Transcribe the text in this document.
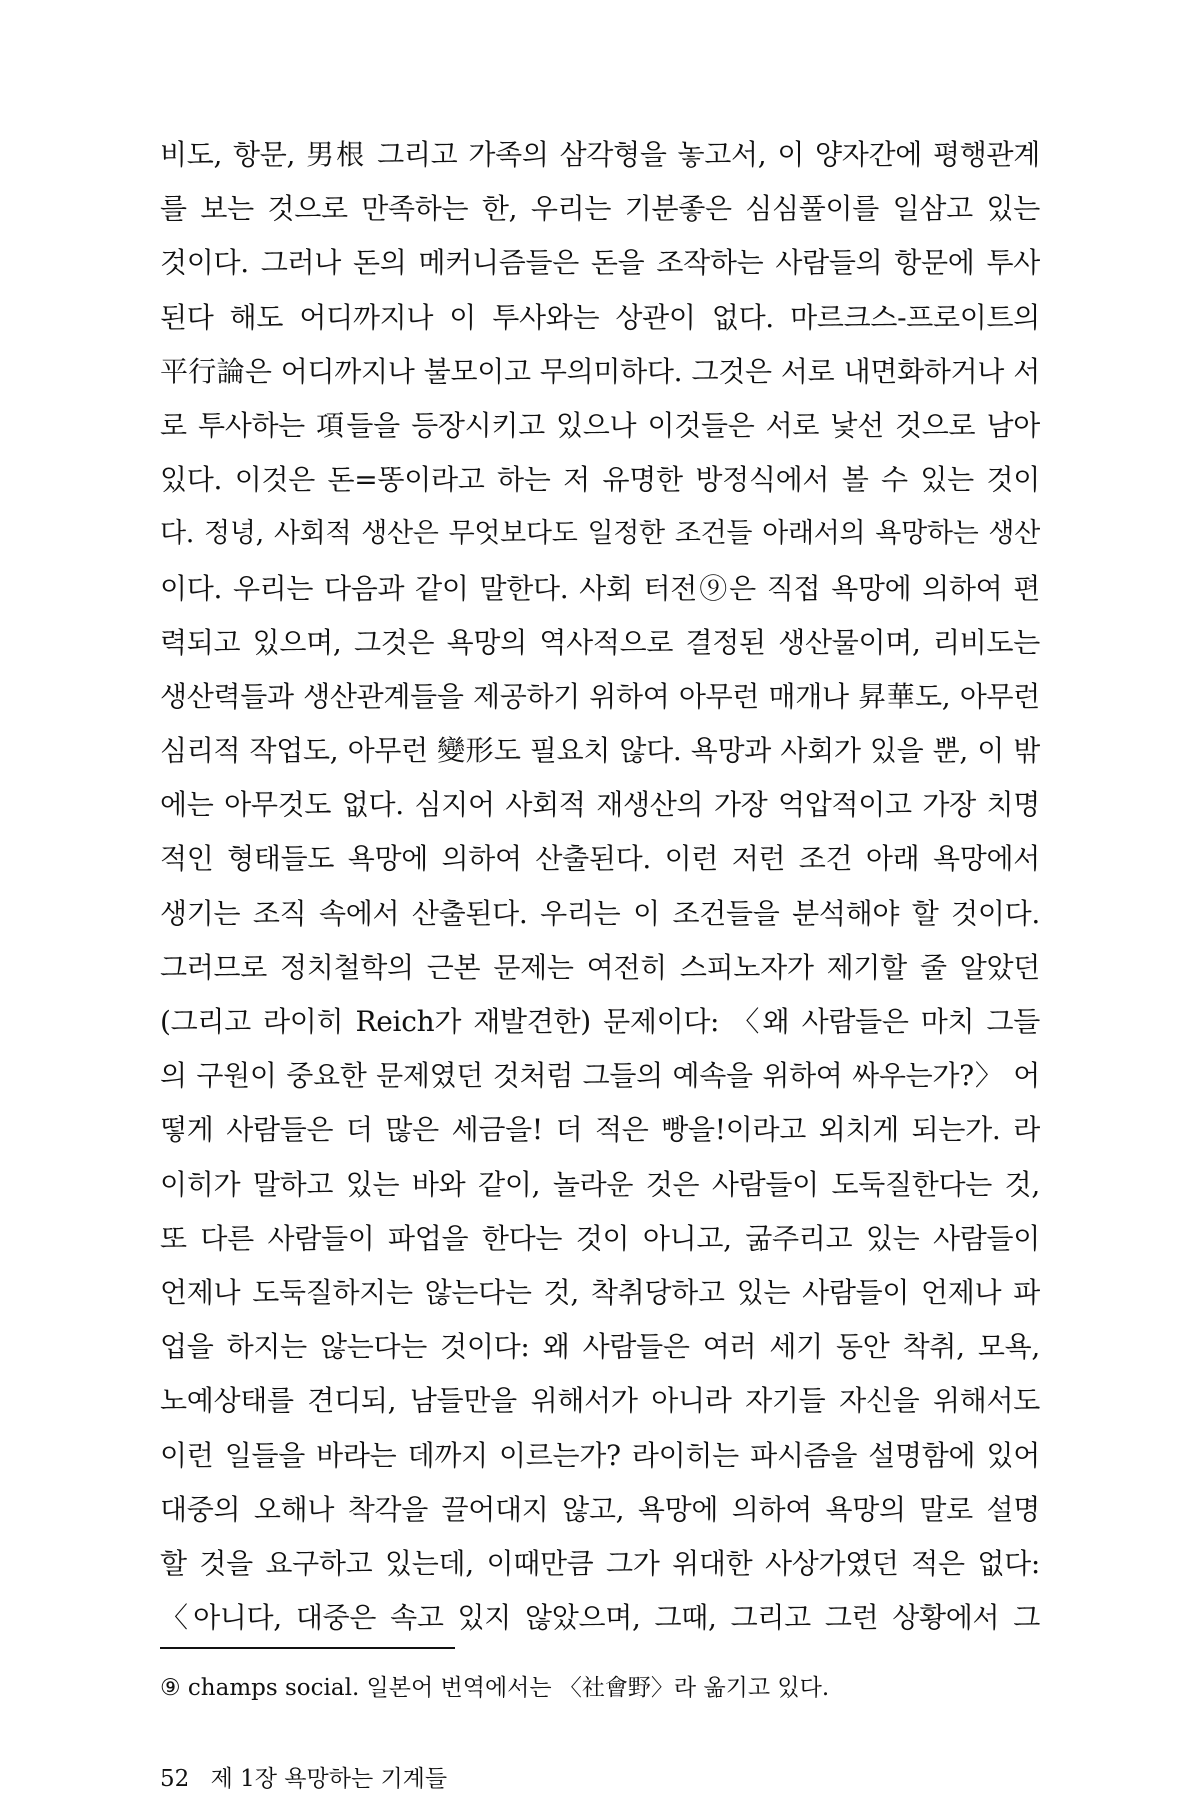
비도, 항문, 男根 그리고 가족의 삼각형을 놓고서, 이 양자간에 평행관계
를 보는 것으로 만족하는 한, 우리는 기분좋은 심심풀이를 일삼고 있는
것이다. 그러나 돈의 메커니즘들은 돈을 조작하는 사람들의 항문에 투사
된다 해도 어디까지나 이 투사와는 상관이 없다. 마르크스-프로이트의
平行論은 어디까지나 불모이고 무의미하다. 그것은 서로 내면화하거나 서
로 투사하는 項들을 등장시키고 있으나 이것들은 서로 낯선 것으로 남아
있다. 이것은 돈=똥이라고 하는 저 유명한 방정식에서 볼 수 있는 것이
다. 정녕, 사회적 생산은 무엇보다도 일정한 조건들 아래서의 욕망하는 생산
이다. 우리는 다음과 같이 말한다. 사회 터전⑨은 직접 욕망에 의하여 편
력되고 있으며, 그것은 욕망의 역사적으로 결정된 생산물이며, 리비도는
생산력들과 생산관계들을 제공하기 위하여 아무런 매개나 昇華도, 아무런
심리적 작업도, 아무런 變形도 필요치 않다. 욕망과 사회가 있을 뿐, 이 밖
에는 아무것도 없다. 심지어 사회적 재생산의 가장 억압적이고 가장 치명
적인 형태들도 욕망에 의하여 산출된다. 이런 저런 조건 아래 욕망에서
생기는 조직 속에서 산출된다. 우리는 이 조건들을 분석해야 할 것이다.
그러므로 정치철학의 근본 문제는 여전히 스피노자가 제기할 줄 알았던
(그리고 라이히 Reich가 재발견한) 문제이다: 〈왜 사람들은 마치 그들
의 구원이 중요한 문제였던 것처럼 그들의 예속을 위하여 싸우는가?〉 어
떻게 사람들은 더 많은 세금을! 더 적은 빵을!이라고 외치게 되는가. 라
이히가 말하고 있는 바와 같이, 놀라운 것은 사람들이 도둑질한다는 것,
또 다른 사람들이 파업을 한다는 것이 아니고, 굶주리고 있는 사람들이
언제나 도둑질하지는 않는다는 것, 착취당하고 있는 사람들이 언제나 파
업을 하지는 않는다는 것이다: 왜 사람들은 여러 세기 동안 착취, 모욕,
노예상태를 견디되, 남들만을 위해서가 아니라 자기들 자신을 위해서도
이런 일들을 바라는 데까지 이르는가? 라이히는 파시즘을 설명함에 있어
대중의 오해나 착각을 끌어대지 않고, 욕망에 의하여 욕망의 말로 설명
할 것을 요구하고 있는데, 이때만큼 그가 위대한 사상가였던 적은 없다:
〈아니다, 대중은 속고 있지 않았으며, 그때, 그리고 그런 상황에서 그
⑨ champs social. 일본어 번역에서는 〈社會野〉라 옮기고 있다.
52 제 1장 욕망하는 기계들
